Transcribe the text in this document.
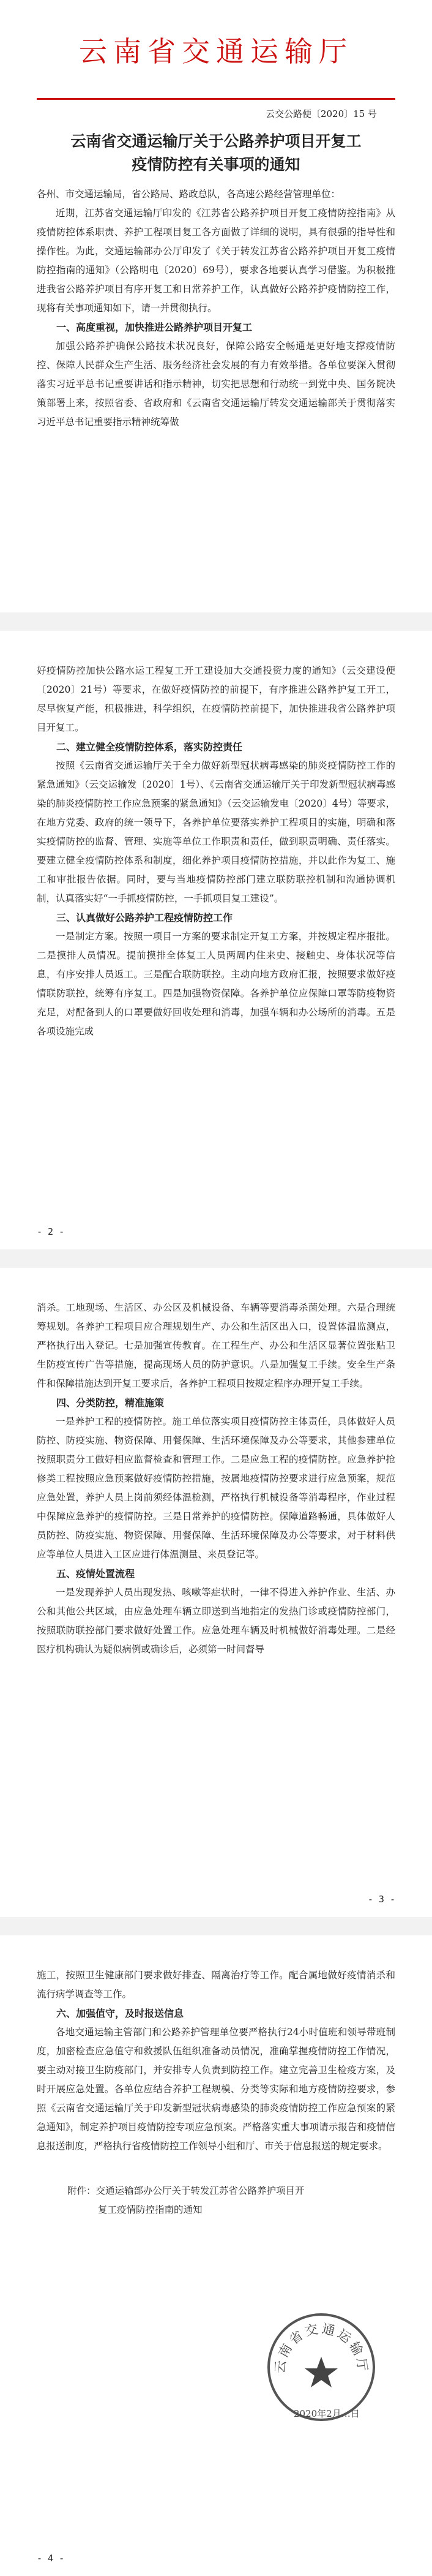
云南省交通运输厅
云交公路便〔2020〕15 号
云南省交通运输厅关于公路养护项目开复工
疫情防控有关事项的通知

各州、市交通运输局，省公路局、路政总队，各高速公路经营管理单位：

近期，江苏省交通运输厅印发的《江苏省公路养护项目开复工疫情防控指南》从疫情防控体系职责、养护工程项目复工各方面做了详细的说明，具有很强的指导性和操作性。为此，交通运输部办公厅印发了《关于转发江苏省公路养护项目开复工疫情防控指南的通知》（公路明电〔2020〕69号），要求各地要认真学习借鉴。为积极推进我省公路养护项目有序开复工和日常养护工作，认真做好公路养护疫情防控工作，现将有关事项通知如下，请一并贯彻执行。

一、高度重视，加快推进公路养护项目开复工

加强公路养护确保公路技术状况良好，保障公路安全畅通是更好地支撑疫情防控、保障人民群众生产生活、服务经济社会发展的有力有效举措。各单位要深入贯彻落实习近平总书记重要讲话和指示精神，切实把思想和行动统一到党中央、国务院决策部署上来，按照省委、省政府和《云南省交通运输厅转发交通运输部关于贯彻落实习近平总书记重要指示精神统筹做

好疫情防控加快公路水运工程复工开工建设加大交通投资力度的通知》（云交建设便〔2020〕21号）等要求，在做好疫情防控的前提下，有序推进公路养护复工开工，尽早恢复产能，积极推进，科学组织，在疫情防控前提下，加快推进我省公路养护项目开复工。

二、建立健全疫情防控体系，落实防控责任

按照《云南省交通运输厅关于全力做好新型冠状病毒感染的肺炎疫情防控工作的紧急通知》（云交运输发〔2020〕1号）、《云南省交通运输厅关于印发新型冠状病毒感染的肺炎疫情防控工作应急预案的紧急通知》（云交运输发电〔2020〕4号）等要求，在地方党委、政府的统一领导下，各养护单位要落实养护工程项目的实施，明确和落实疫情防控的监督、管理、实施等单位工作职责和责任，做到职责明确、责任落实。要建立健全疫情防控体系和制度，细化养护项目疫情防控措施，并以此作为复工、施工和审批报告依据。同时，要与当地疫情防控部门建立联防联控机制和沟通协调机制，认真落实好“一手抓疫情防控，一手抓项目复工建设”。

三、认真做好公路养护工程疫情防控工作

一是制定方案。按照一项目一方案的要求制定开复工方案，并按规定程序报批。二是摸排人员情况。提前摸排全体复工人员两周内住来史、接触史、身体状况等信息，有序安排人员返工。三是配合联防联控。主动向地方政府汇报，按照要求做好疫情联防联控，统筹有序复工。四是加强物资保障。各养护单位应保障口罩等防疫物资充足，对配备到人的口罩要做好回收处理和消毒，加强车辆和办公场所的消毒。五是各项设施完成

- 2 -

消杀。工地现场、生活区、办公区及机械设备、车辆等要消毒杀菌处理。六是合理统筹规划。各养护工程项目应合理规划生产、办公和生活区出入口，设置体温监测点，严格执行出入登记。七是加强宣传教育。在工程生产、办公和生活区显著位置张贴卫生防疫宣传广告等措施，提高现场人员的防护意识。八是加强复工手续。安全生产条件和保障措施达到开复工要求后，各养护工程项目按规定程序办理开复工手续。

四、分类防控，精准施策

一是养护工程的疫情防控。施工单位落实项目疫情防控主体责任，具体做好人员防控、防疫实施、物资保障、用餐保障、生活环境保障及办公等要求，其他参建单位按照职责分工做好相应监督检查和管理工作。二是应急工程的疫情防控。应急养护抢修类工程按照应急预案做好疫情防控措施，按属地疫情防控要求进行应急预案，规范应急处置，养护人员上岗前须经体温检测，严格执行机械设备等消毒程序，作业过程中保障应急养护的疫情防控。三是日常养护的疫情防控。保障道路畅通，具体做好人员防控、防疫实施、物资保障、用餐保障、生活环境保障及办公等要求，对于材料供应等单位人员进入工区应进行体温测量、来员登记等。

五、疫情处置流程

一是发现养护人员出现发热、咳嗽等症状时，一律不得进入养护作业、生活、办公和其他公共区域，由应急处理车辆立即送到当地指定的发热门诊或疫情防控部门，按照联防联控部门要求做好处置工作。应急处理车辆及时机械做好消毒处理。二是经医疗机构确认为疑似病例或确诊后，必须第一时间督导

- 3 -

施工，按照卫生健康部门要求做好排查、隔离治疗等工作。配合属地做好疫情消杀和流行病学调查等工作。

六、加强值守，及时报送信息

各地交通运输主管部门和公路养护管理单位要严格执行24小时值班和领导带班制度，加密检查应急值守和救援队伍组织准备动员情况，准确掌握疫情防控工作情况，要主动对接卫生防疫部门，并安排专人负责到防控工作。建立完善卫生检疫方案，及时开展应急处置。各单位应结合养护工程规模、分类等实际和地方疫情防控要求，参照《云南省交通运输厅关于印发新型冠状病毒感染的肺炎疫情防控工作应急预案的紧急通知》，制定养护项目疫情防控专项应急预案。严格落实重大事项请示报告和疫情信息报送制度，严格执行省疫情防控工作领导小组和厅、市关于信息报送的规定要求。

附件：交通运输部办公厅关于转发江苏省公路养护项目开

复工疫情防控指南的通知

云南省交通运输厅
2020年2月…日
- 4 -
